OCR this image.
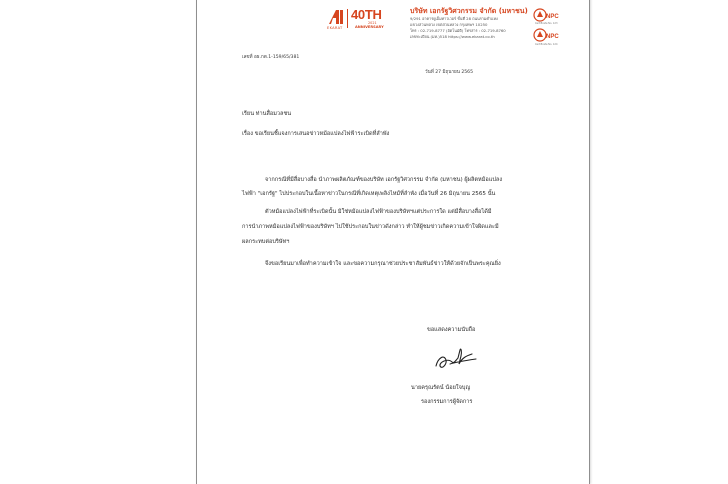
EKARAT
40TH
2021
ANNIVERSARY
บริษัท เอกรัฐวิศวกรรม จำกัด (มหาชน)
9/291 อาคารยูเอ็มทาวเวอร์ ชั้นที่ 28 ถนนรามคำแหง
แขวงสวนหลวง เขตสวนหลวง กรุงเทพฯ 10250
โทร : 02-719-8777 (อัตโนมัติ) โทรสาร : 02-719-8760
เลขทะเบียน (มห.)518 https://www.ekarat.co.th
NPC
Certificate No. 123
NPC
Certificate No. 124
เลขที่ อธ.กต.1-159/65/381
วันที่ 27 มิถุนายน 2565
เรียน ท่านสื่อมวลชน
เรื่อง ขอเรียนชี้แจงการเสนอข่าวหม้อแปลงไฟฟ้าระเบิดที่ลำพัง
จากกรณีที่มีสื่อบางสื่อ นำภาพผลิตภัณฑ์ของบริษัท เอกรัฐวิศวกรรม จำกัด (มหาชน) ผู้ผลิตหม้อแปลง
ไฟฟ้า "เอกรัฐ" ไปประกอบในเนื้อหาข่าวในกรณีที่เกิดเหตุเพลิงไหม้ที่ลำพัง เมื่อวันที่ 26 มิถุนายน 2565 นั้น
ตัวหม้อแปลงไฟฟ้าที่ระเบิดนั้น มิใช่หม้อแปลงไฟฟ้าของบริษัทฯแต่ประการใด แต่มีสื่อบางสื่อได้มี
การนำภาพหม้อแปลงไฟฟ้าของบริษัทฯ ไปใช้ประกอบในข่าวดังกล่าว ทำให้ผู้ชมข่าวเกิดความเข้าใจผิดและมี
ผลกระทบต่อบริษัทฯ
จึงขอเรียนมาเพื่อทำความเข้าใจ และขอความกรุณาช่วยประชาสัมพันธ์ข่าวให้ด้วยจักเป็นพระคุณยิ่ง
ขอแสดงความนับถือ
นายครุณรัตน์ น้อยใจบุญ
รองกรรมการผู้จัดการ
